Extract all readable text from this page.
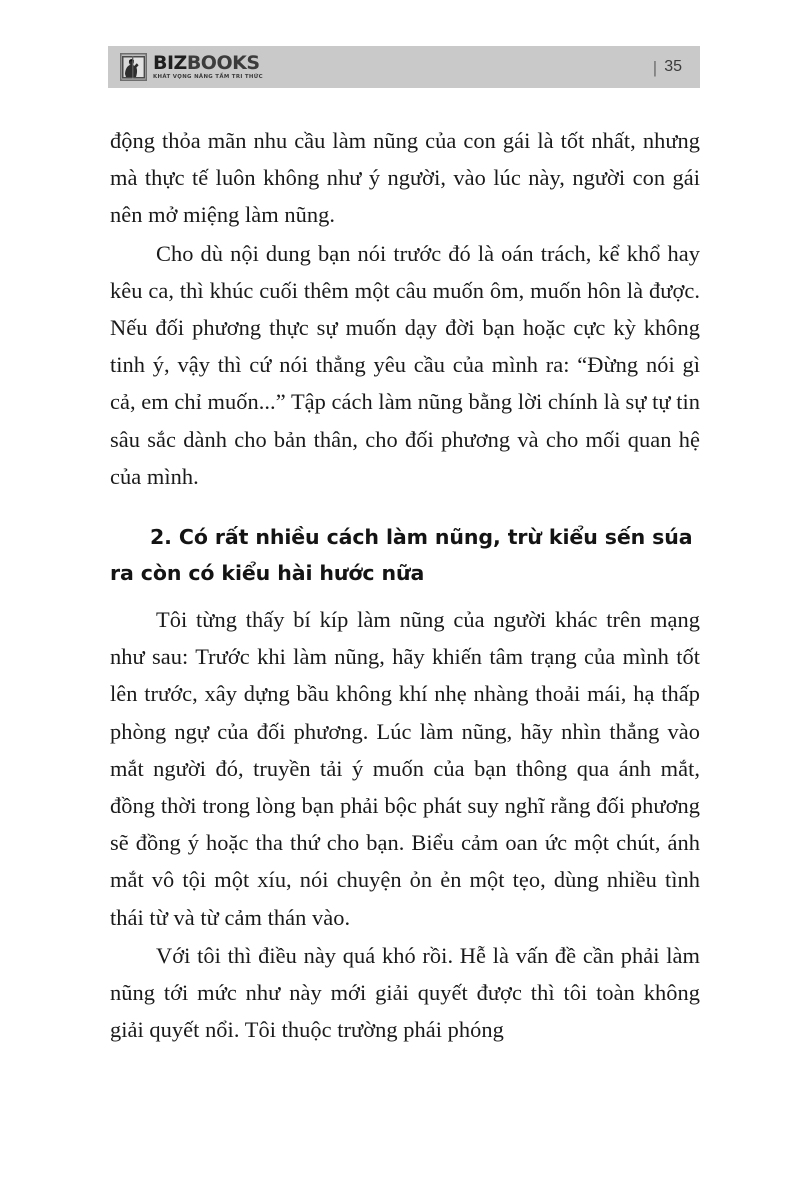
BIZBOOKS
KHÁT VỌNG NÂNG TẦM TRI THỨC
| 35

động thỏa mãn nhu cầu làm nũng của con gái là tốt nhất, nhưng mà thực tế luôn không như ý người, vào lúc này, người con gái nên mở miệng làm nũng.

Cho dù nội dung bạn nói trước đó là oán trách, kể khổ hay kêu ca, thì khúc cuối thêm một câu muốn ôm, muốn hôn là được. Nếu đối phương thực sự muốn dạy đời bạn hoặc cực kỳ không tinh ý, vậy thì cứ nói thẳng yêu cầu của mình ra: “Đừng nói gì cả, em chỉ muốn...” Tập cách làm nũng bằng lời chính là sự tự tin sâu sắc dành cho bản thân, cho đối phương và cho mối quan hệ của mình.

2. Có rất nhiều cách làm nũng, trừ kiểu sến súa ra còn có kiểu hài hước nữa

Tôi từng thấy bí kíp làm nũng của người khác trên mạng như sau: Trước khi làm nũng, hãy khiến tâm trạng của mình tốt lên trước, xây dựng bầu không khí nhẹ nhàng thoải mái, hạ thấp phòng ngự của đối phương. Lúc làm nũng, hãy nhìn thẳng vào mắt người đó, truyền tải ý muốn của bạn thông qua ánh mắt, đồng thời trong lòng bạn phải bộc phát suy nghĩ rằng đối phương sẽ đồng ý hoặc tha thứ cho bạn. Biểu cảm oan ức một chút, ánh mắt vô tội một xíu, nói chuyện ỏn ẻn một tẹo, dùng nhiều tình thái từ và từ cảm thán vào.

Với tôi thì điều này quá khó rồi. Hễ là vấn đề cần phải làm nũng tới mức như này mới giải quyết được thì tôi toàn không giải quyết nổi. Tôi thuộc trường phái phóng
